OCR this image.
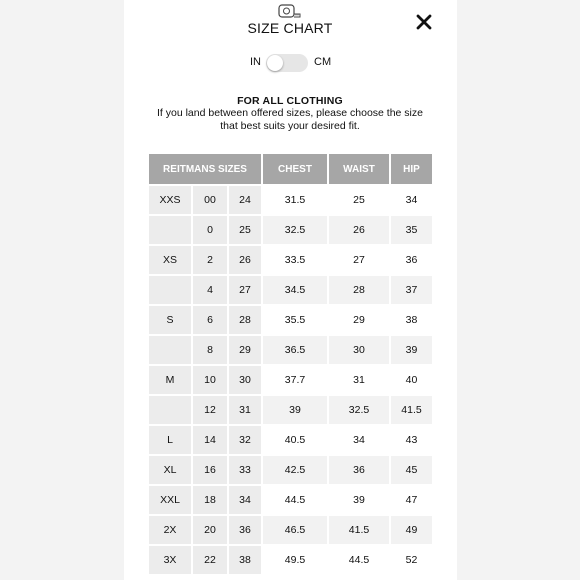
SIZE CHART
IN	CM
FOR ALL CLOTHING
If you land between offered sizes, please choose the size that best suits your desired fit.
REITMANS SIZES			CHEST	WAIST	HIP
XXS	00	24	31.5	25	34
	0	25	32.5	26	35
XS	2	26	33.5	27	36
	4	27	34.5	28	37
S	6	28	35.5	29	38
	8	29	36.5	30	39
M	10	30	37.7	31	40
	12	31	39	32.5	41.5
L	14	32	40.5	34	43
XL	16	33	42.5	36	45
XXL	18	34	44.5	39	47
2X	20	36	46.5	41.5	49
3X	22	38	49.5	44.5	52
